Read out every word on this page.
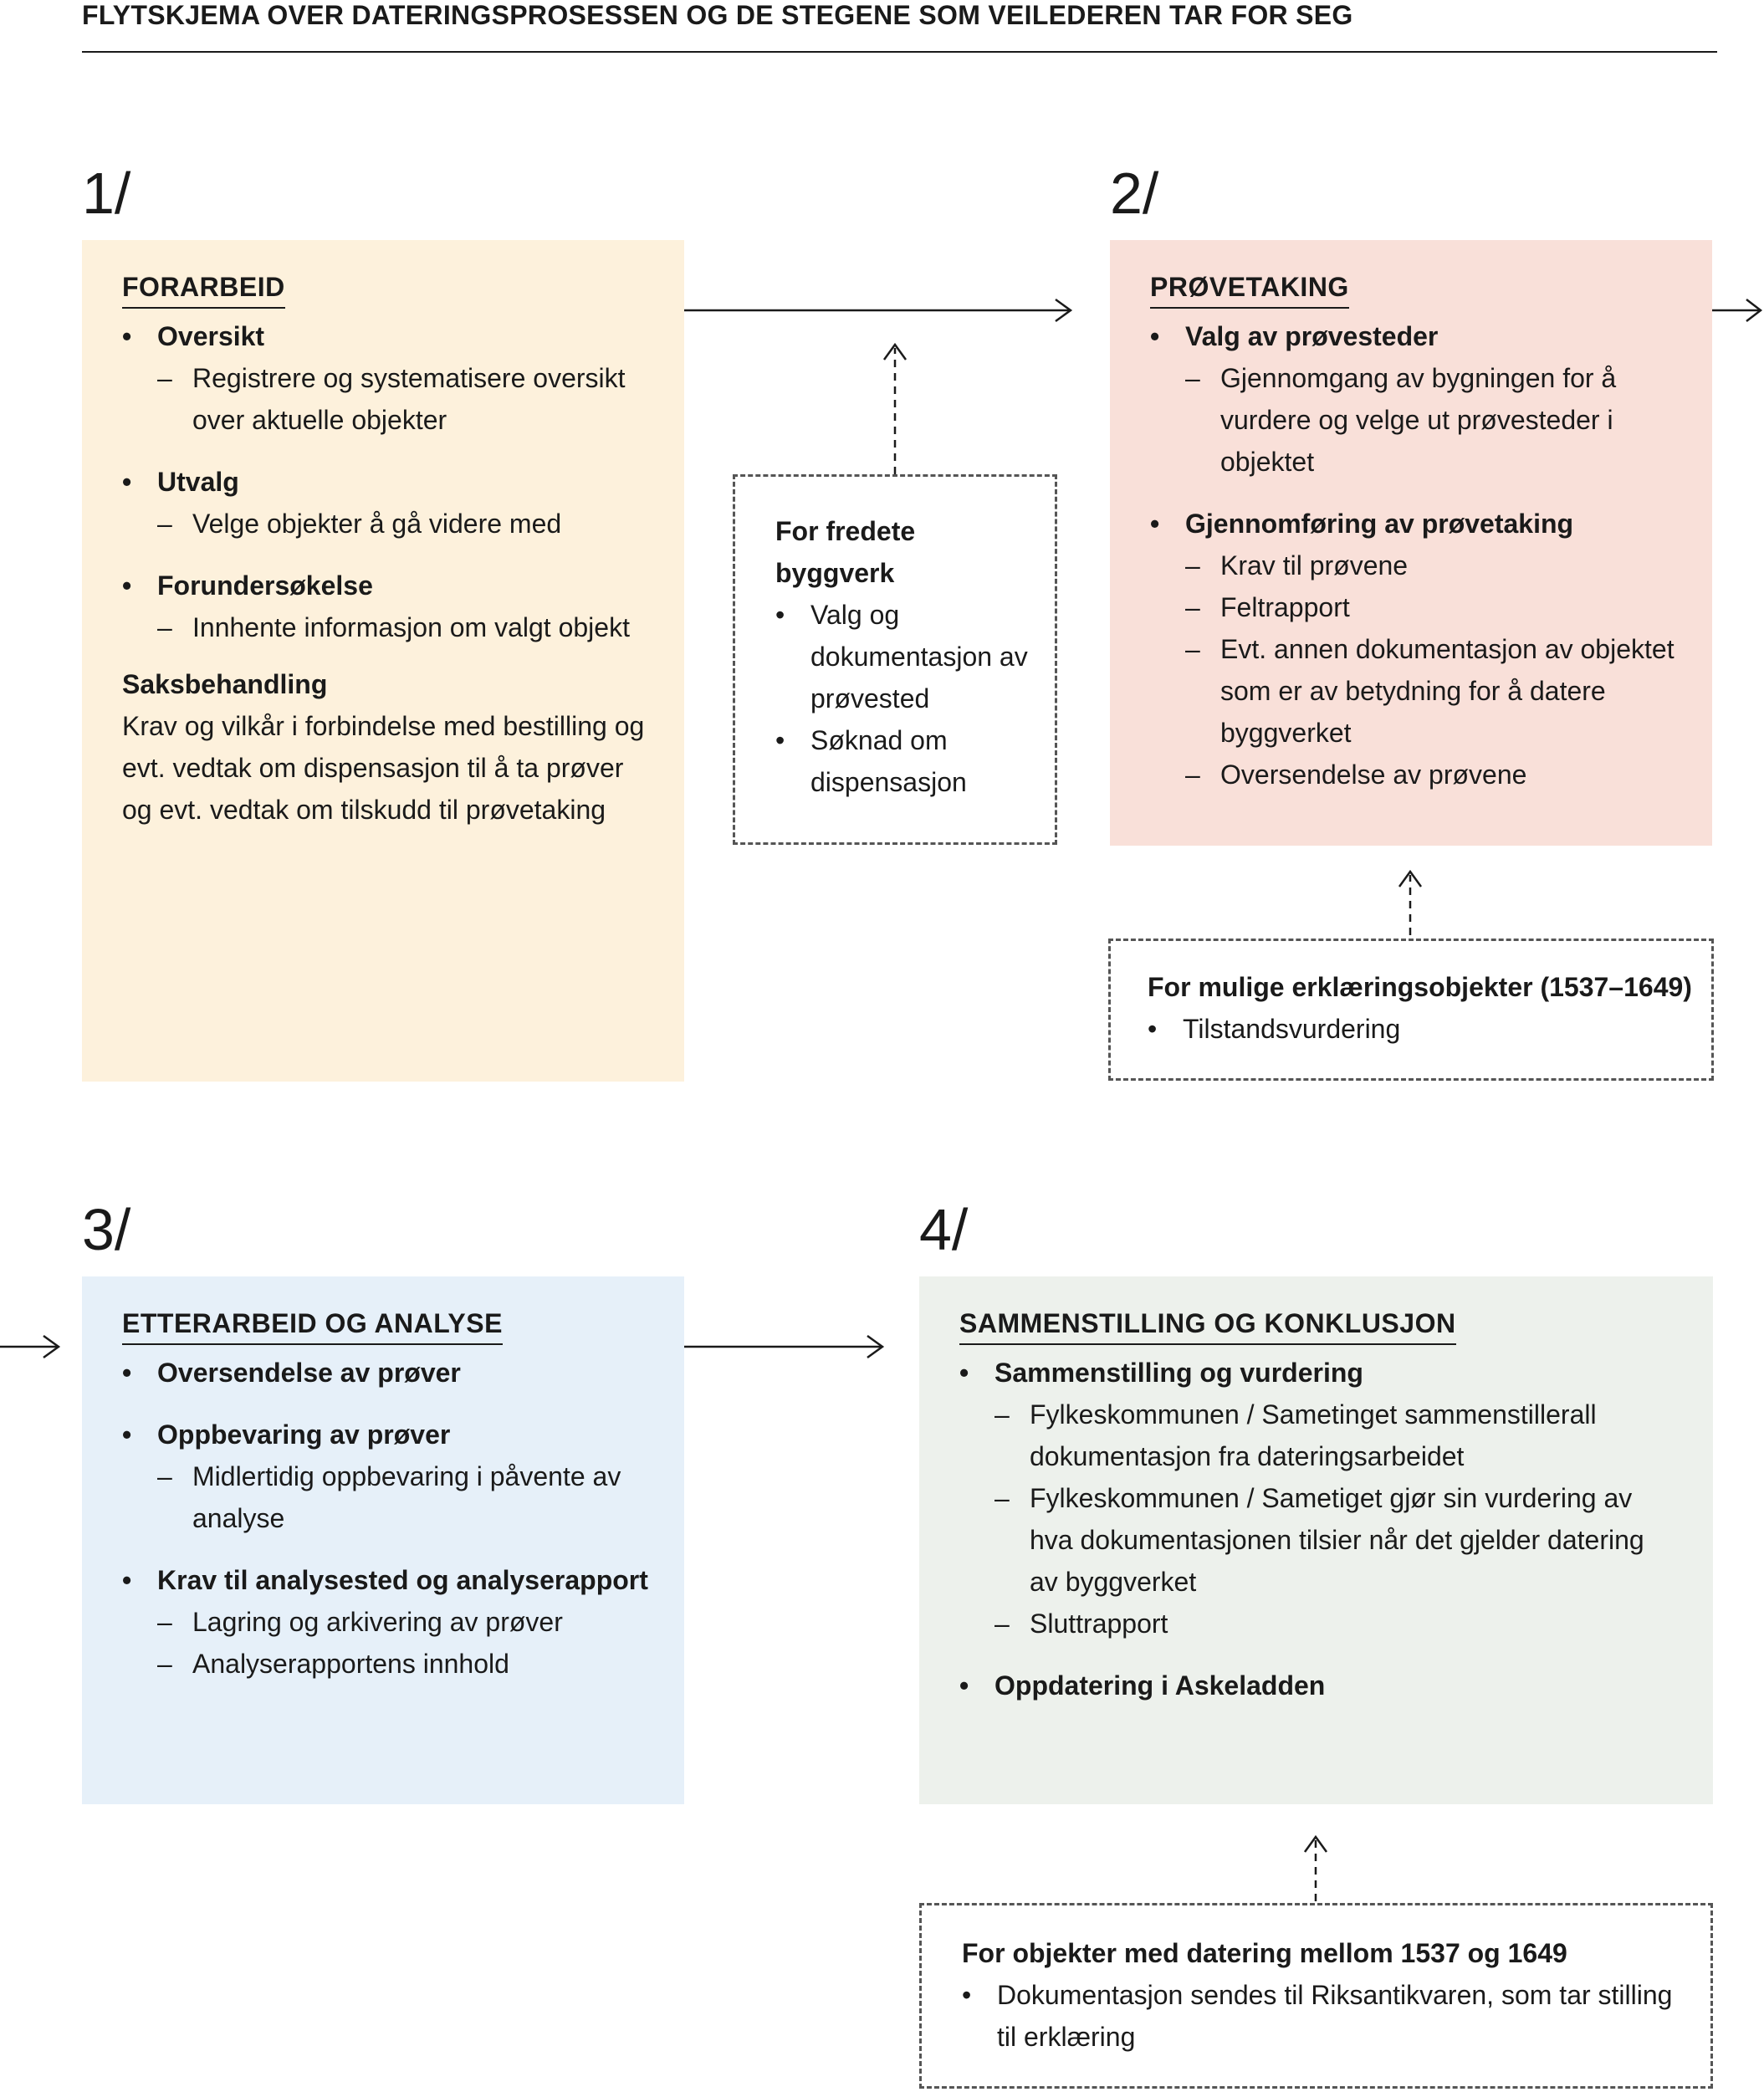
FLYTSKJEMA OVER DATERINGSPROSESSEN OG DE STEGENE SOM VEILEDEREN TAR FOR SEG
1/
FORARBEID
• Oversikt
– Registrere og systematisere oversikt over aktuelle objekter
• Utvalg
– Velge objekter å gå videre med
• Forundersøkelse
– Innhente informasjon om valgt objekt
Saksbehandling
Krav og vilkår i forbindelse med bestilling og evt. vedtak om dispensasjon til å ta prøver og evt. vedtak om tilskudd til prøvetaking
For fredete byggverk
• Valg og dokumentasjon av prøvested
• Søknad om dispensasjon
2/
PRØVETAKING
• Valg av prøvesteder
– Gjennomgang av bygningen for å vurdere og velge ut prøvesteder i objektet
• Gjennomføring av prøvetaking
– Krav til prøvene
– Feltrapport
– Evt. annen dokumentasjon av objektet som er av betydning for å datere byggverket
– Oversendelse av prøvene
For mulige erklæringsobjekter (1537–1649)
• Tilstandsvurdering
3/
ETTERARBEID OG ANALYSE
• Oversendelse av prøver
• Oppbevaring av prøver
– Midlertidig oppbevaring i påvente av analyse
• Krav til analysested og analyserapport
– Lagring og arkivering av prøver
– Analyserapportens innhold
4/
SAMMENSTILLING OG KONKLUSJON
• Sammenstilling og vurdering
– Fylkeskommunen / Sametinget sammenstillerall dokumentasjon fra dateringsarbeidet
– Fylkeskommunen / Sametiget gjør sin vurdering av hva dokumentasjonen tilsier når det gjelder datering av byggverket
– Sluttrapport
• Oppdatering i Askeladden
For objekter med datering mellom 1537 og 1649
• Dokumentasjon sendes til Riksantikvaren, som tar stilling til erklæring
